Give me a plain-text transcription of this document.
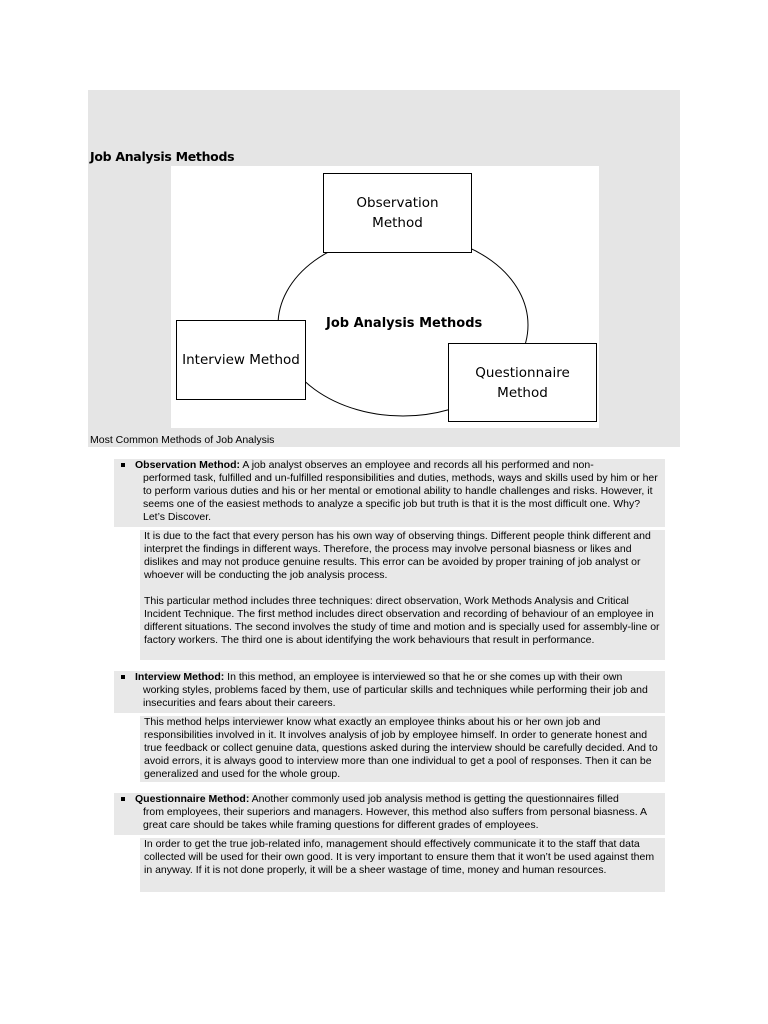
Job Analysis Methods
Observation
Method
Interview Method
Questionnaire
Method
Job Analysis Methods
Most Common Methods of Job Analysis

Observation Method: A job analyst observes an employee and records all his performed and non-
performed task, fulfilled and un-fulfilled responsibilities and duties, methods, ways and skills used by him or her to perform various duties and his or her mental or emotional ability to handle challenges and risks. However, it seems one of the easiest methods to analyze a specific job but truth is that it is the most difficult one. Why? Let’s Discover.

It is due to the fact that every person has his own way of observing things. Different people think different and interpret the findings in different ways. Therefore, the process may involve personal biasness or likes and dislikes and may not produce genuine results. This error can be avoided by proper training of job analyst or whoever will be conducting the job analysis process.

This particular method includes three techniques: direct observation, Work Methods Analysis and Critical Incident Technique. The first method includes direct observation and recording of behaviour of an employee in different situations. The second involves the study of time and motion and is specially used for assembly-line or factory workers. The third one is about identifying the work behaviours that result in performance.

Interview Method: In this method, an employee is interviewed so that he or she comes up with their own
working styles, problems faced by them, use of particular skills and techniques while performing their job and insecurities and fears about their careers.

This method helps interviewer know what exactly an employee thinks about his or her own job and responsibilities involved in it. It involves analysis of job by employee himself. In order to generate honest and true feedback or collect genuine data, questions asked during the interview should be carefully decided. And to avoid errors, it is always good to interview more than one individual to get a pool of responses. Then it can be generalized and used for the whole group.

Questionnaire Method: Another commonly used job analysis method is getting the questionnaires filled
from employees, their superiors and managers. However, this method also suffers from personal biasness. A great care should be takes while framing questions for different grades of employees.

In order to get the true job-related info, management should effectively communicate it to the staff that data collected will be used for their own good. It is very important to ensure them that it won’t be used against them in anyway. If it is not done properly, it will be a sheer wastage of time, money and human resources.
